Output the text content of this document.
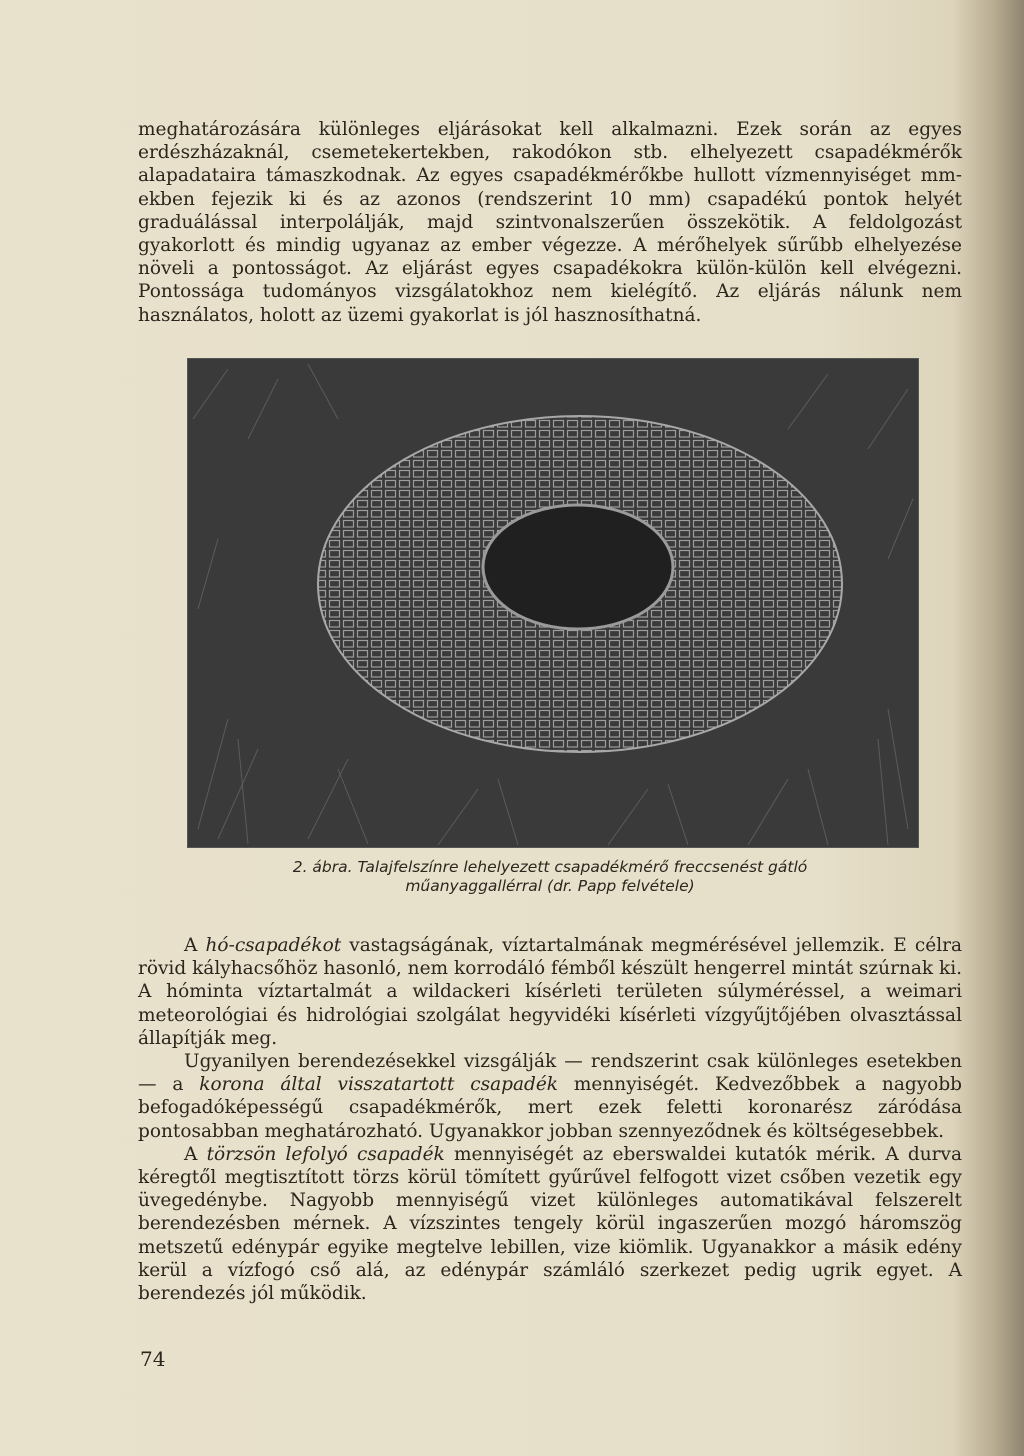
meghatározására különleges eljárásokat kell alkalmazni. Ezek során az egyes erdészházaknál, csemetekertekben, rakodókon stb. elhelyezett csapadékmérők alapadataira támaszkodnak. Az egyes csapadékmérőkbe hullott vízmennyiséget mm-ekben fejezik ki és az azonos (rendszerint 10 mm) csapadékú pontok helyét graduálással interpolálják, majd szintvonalszerűen összekötik. A feldolgozást gyakorlott és mindig ugyanaz az ember végezze. A mérőhelyek sűrűbb elhelyezése növeli a pontosságot. Az eljárást egyes csapadékokra külön-külön kell elvégezni. Pontossága tudományos vizsgálatokhoz nem kielégítő. Az eljárás nálunk nem használatos, holott az üzemi gyakorlat is jól hasznosíthatná.

2. ábra. Talajfelszínre lehelyezett csapadékmérő freccsenést gátló
műanyaggallérral (dr. Papp felvétele)

A hó-csapadékot vastagságának, víztartalmának megmérésével jellemzik. E célra rövid kályhacsőhöz hasonló, nem korrodáló fémből készült hengerrel mintát szúrnak ki. A hóminta víztartalmát a wildackeri kísérleti területen súlyméréssel, a weimari meteorológiai és hidrológiai szolgálat hegyvidéki kísérleti vízgyűjtőjében olvasztással állapítják meg.

Ugyanilyen berendezésekkel vizsgálják — rendszerint csak különleges esetekben — a korona által visszatartott csapadék mennyiségét. Kedvezőbbek a nagyobb befogadóképességű csapadékmérők, mert ezek feletti koronarész záródása pontosabban meghatározható. Ugyanakkor jobban szennyeződnek és költségesebbek.

A törzsön lefolyó csapadék mennyiségét az eberswaldei kutatók mérik. A durva kéregtől megtisztított törzs körül tömített gyűrűvel felfogott vizet csőben vezetik egy üvegedénybe. Nagyobb mennyiségű vizet különleges automatikával felszerelt berendezésben mérnek. A vízszintes tengely körül ingaszerűen mozgó háromszög metszetű edénypár egyike megtelve lebillen, vize kiömlik. Ugyanakkor a másik edény kerül a vízfogó cső alá, az edénypár számláló szerkezet pedig ugrik egyet. A berendezés jól működik.

74
